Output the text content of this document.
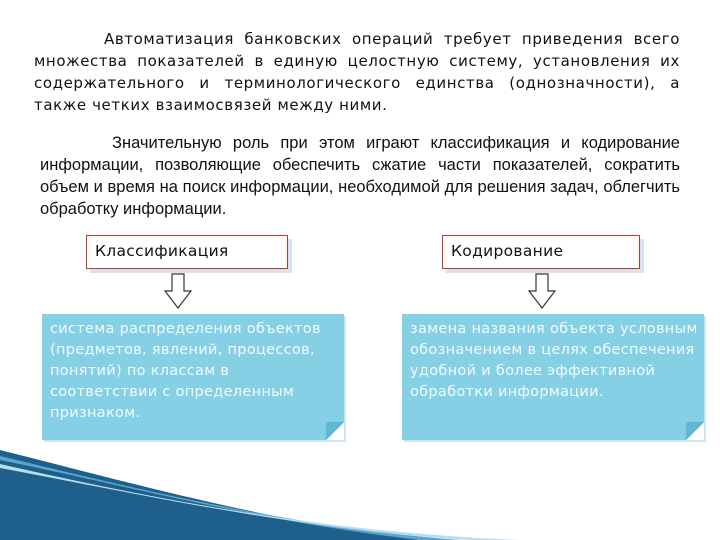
Автоматизация банковских операций требует приведения всего множества показателей в единую целостную систему, установления их содержательного и терминологического единства (однозначности), а также четких взаимосвязей между ними.

Значительную роль при этом играют классификация и кодирование информации, позволяющие обеспечить сжатие части показателей, сократить объем и время на поиск информации, необходимой для решения задач, облегчить обработку информации.

Классификация	Кодирование
система распределения объектов (предметов, явлений, процессов, понятий) по классам в соответствии с определенным признаком.
замена названия объекта условным обозначением в целях обеспечения удобной и более эффективной обработки информации.
